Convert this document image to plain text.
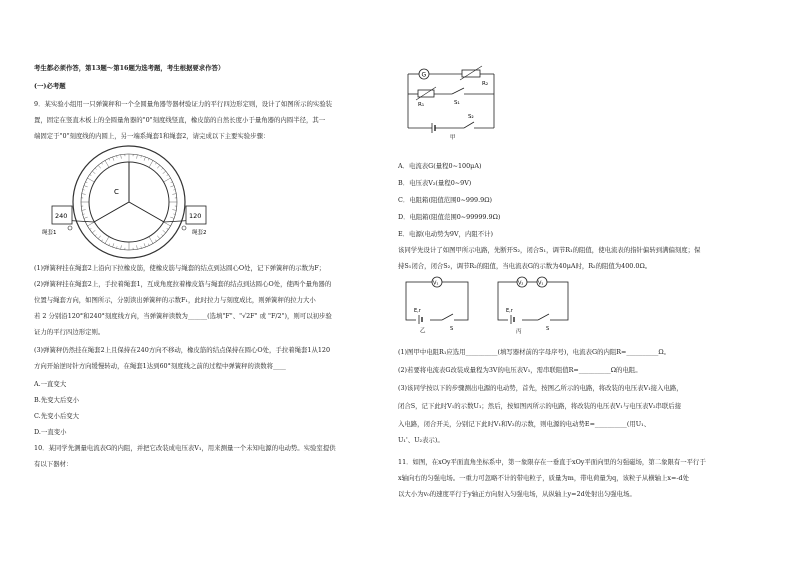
考生都必须作答，第13题～第16题为选考题，考生根据要求作答）
(一)必考题
9．某实验小组用一只弹簧秤和一个全圆量角器等器材验证力的平行四边形定则，设计了如图所示的实验装
置，固定在竖直木板上的全圆量角器的"0"刻度线竖直，橡皮筋的自然长度小于量角器的内圆半径，其一
端固定于"0"刻度线的内圆上，另一端系绳套1和绳套2，请完成以下主要实验步骤：
C
240	120
绳套1	绳套2
(1)弹簧秤挂在绳套2上沿向下拉橡皮筋，使橡皮筋与绳套的结点到达圆心O处，记下弹簧秤的示数为F；
(2)弹簧秤挂在绳套2上，手拉着绳套1，互成角度拉着橡皮筋与绳套的结点到达圆心O处，使两个量角器的
位置与绳套方向，如图所示，分别读出弹簧秤的示数F₁，此时拉力与刻度成比，则弹簧秤的拉力大小
若 2 分别沿120°和240°刻度线方向，当弹簧秤读数为______(选填"F"、"√2F" 或 "F/2")，则可以初步验
证力的平行四边形定则。
(3)弹簧秤仍然挂在绳套2上且保持在240方向不移动，橡皮筋的结点保持在圆心O处，手拉着绳套1从120
方向开始逆时针方向缓慢转动，在绳套1达到60°刻度线之前的过程中弹簧秤的读数将____
A.一直变大
B.先变大后变小
C.先变小后变大
D.一直变小
10．某同学先测量电流表G的内阻，并把它改装成电压表V₁，用来测量一个未知电源的电动势。实验室提供
有以下器材：
G
R₂
R₁	S₁
S₂
甲
A．电流表G(量程0~100μA)
B．电压表V₂(量程0~9V)
C．电阻箱(阻值范围0~999.9Ω)
D．电阻箱(阻值范围0~99999.9Ω)
E．电源(电动势为9V，内阻不计)
该同学先设计了如图甲所示电路，先断开S₂，闭合S₁，调节R₁的阻值，使电流表的指针偏转到满偏刻度；保
持S₁闭合，闭合S₂，调节R₂的阻值，当电流表G的示数为40μA时，R₂的阻值为400.0Ω。
V₁
E,r
S
乙
V₂	V₁
E,r
S
丙
(1)图甲中电阻R₁应选用__________(填写器材前的字母序号)，电流表G的内阻R=__________Ω。
(2)若要将电流表G改装成量程为3V的电压表V₁，需串联阻值R=__________Ω的电阻。
(3)该同学按以下的步骤测出电源的电动势，首先，按图乙所示的电路，将改装的电压表V₁接入电路，
闭合S，记下此时V₁的示数U₁；然后，按如图丙所示的电路，将改装的电压表V₁与电压表V₂串联后接
入电路，闭合开关，分别记下此时V₁和V₂的示数，则电源的电动势E=__________(用U₁、
U₁'、U₂表示)。
11．如图，在xOy平面直角坐标系中，第一象限存在一垂直于xOy平面向里的匀强磁场，第二象限有一平行于
x轴向右的匀强电场。一重力可忽略不计的带电粒子，质量为m，带电荷量为q，该粒子从横轴上x=-d处
以大小为v₀的速度平行于y轴正方向射入匀强电场，从纵轴上y=2d处射出匀强电场。
